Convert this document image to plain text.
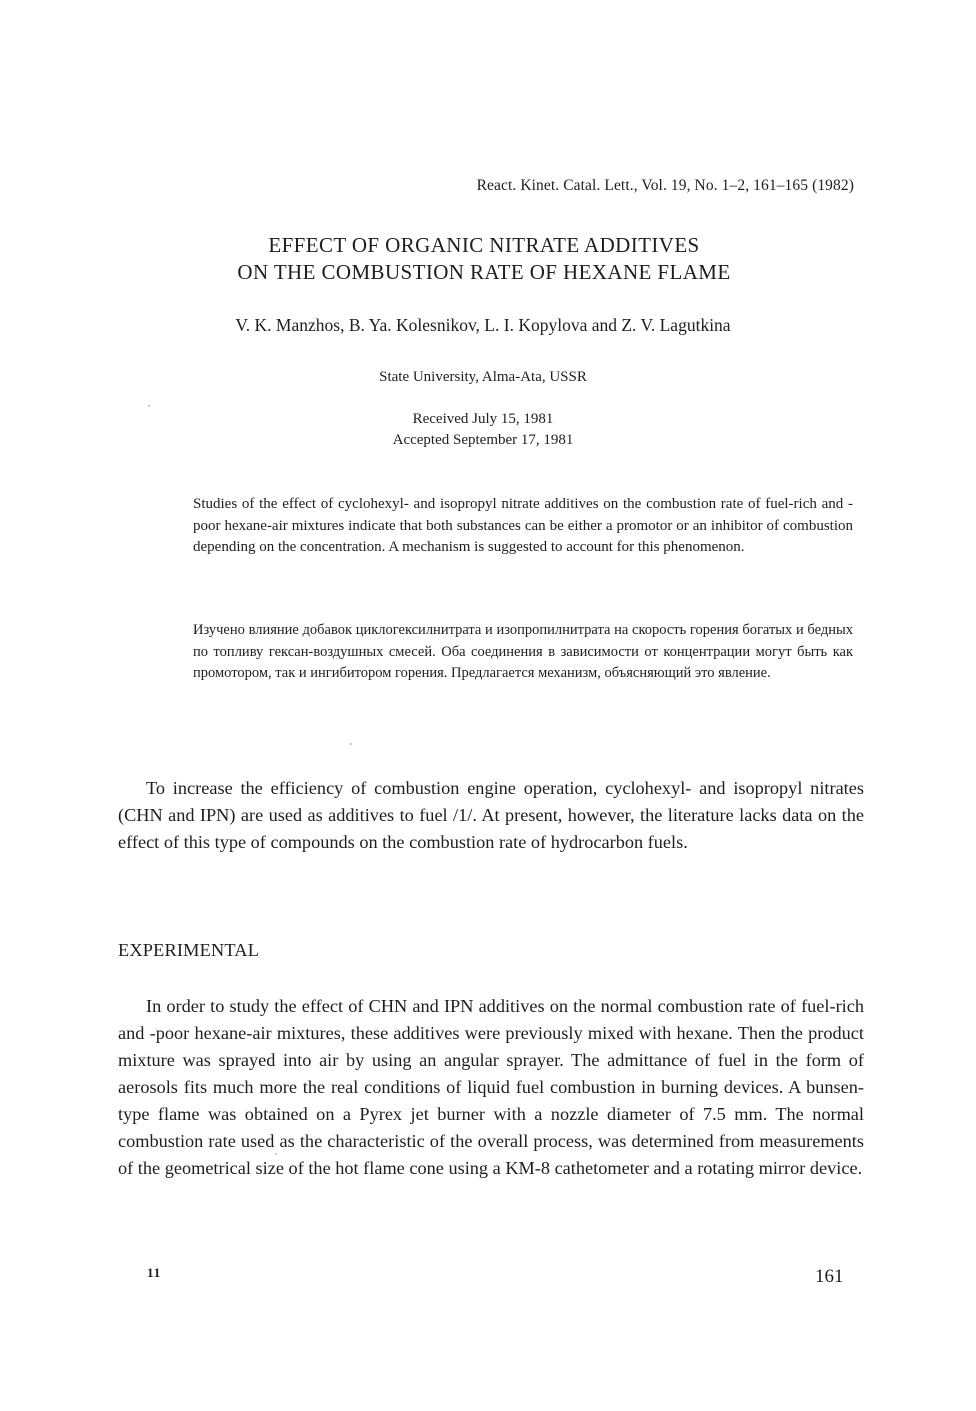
React. Kinet. Catal. Lett., Vol. 19, No. 1–2, 161–165 (1982)
EFFECT OF ORGANIC NITRATE ADDITIVES
ON THE COMBUSTION RATE OF HEXANE FLAME
V. K. Manzhos, B. Ya. Kolesnikov, L. I. Kopylova and Z. V. Lagutkina
State University, Alma-Ata, USSR
Received July 15, 1981
Accepted September 17, 1981

Studies of the effect of cyclohexyl- and isopropyl nitrate additives on the combustion rate of fuel-rich and -poor hexane-air mixtures indicate that both substances can be either a promotor or an inhibitor of combustion depending on the concentration. A mechanism is suggested to account for this phenomenon.

Изучено влияние добавок циклогексилнитрата и изопропилнитрата на скорость горения богатых и бедных по топливу гексан-воздушных смесей. Оба соединения в зависимости от концентрации могут быть как промотором, так и ингибитором горения. Предлагается механизм, объясняющий это явление.

To increase the efficiency of combustion engine operation, cyclohexyl- and isopropyl nitrates (CHN and IPN) are used as additives to fuel /1/. At present, however, the literature lacks data on the effect of this type of compounds on the combustion rate of hydrocarbon fuels.

EXPERIMENTAL

In order to study the effect of CHN and IPN additives on the normal combustion rate of fuel-rich and -poor hexane-air mixtures, these additives were previously mixed with hexane. Then the product mixture was sprayed into air by using an angular sprayer. The admittance of fuel in the form of aerosols fits much more the real conditions of liquid fuel combustion in burning devices. A bunsen-type flame was obtained on a Pyrex jet burner with a nozzle diameter of 7.5 mm. The normal combustion rate used as the characteristic of the overall process, was determined from measurements of the geometrical size of the hot flame cone using a KM-8 cathetometer and a rotating mirror device.

11	161
